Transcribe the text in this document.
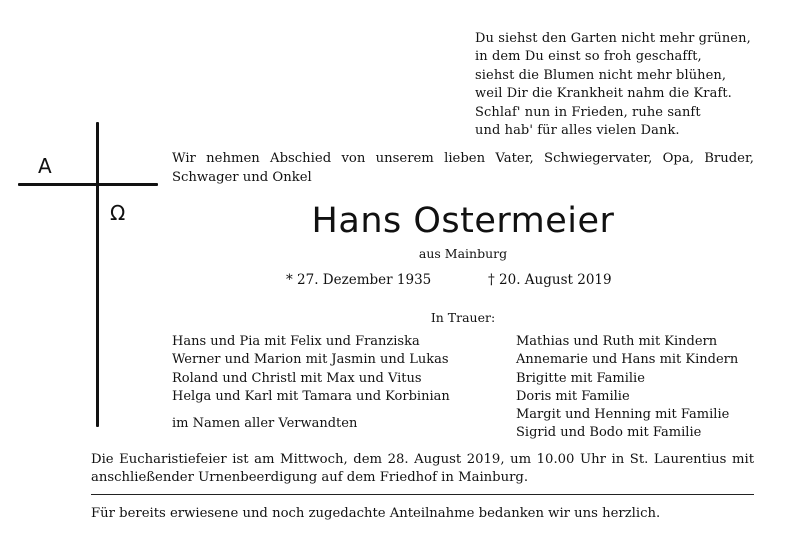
Du siehst den Garten nicht mehr grünen,
in dem Du einst so froh geschafft,
siehst die Blumen nicht mehr blühen,
weil Dir die Krankheit nahm die Kraft.
Schlaf' nun in Frieden, ruhe sanft
und hab' für alles vielen Dank.
A
Ω
Wir nehmen Abschied von unserem lieben Vater, Schwiegervater, Opa, Bruder, Schwager und Onkel
Hans Ostermeier
aus Mainburg
* 27. Dezember 1935	† 20. August 2019
In Trauer:
Hans und Pia mit Felix und Franziska
Werner und Marion mit Jasmin und Lukas
Roland und Christl mit Max und Vitus
Helga und Karl mit Tamara und Korbinian
im Namen aller Verwandten
Mathias und Ruth mit Kindern
Annemarie und Hans mit Kindern
Brigitte mit Familie
Doris mit Familie
Margit und Henning mit Familie
Sigrid und Bodo mit Familie
Die Eucharistiefeier ist am Mittwoch, dem 28. August 2019, um 10.00 Uhr in St. Laurentius mit anschließender Urnenbeerdigung auf dem Friedhof in Mainburg.
Für bereits erwiesene und noch zugedachte Anteilnahme bedanken wir uns herzlich.
